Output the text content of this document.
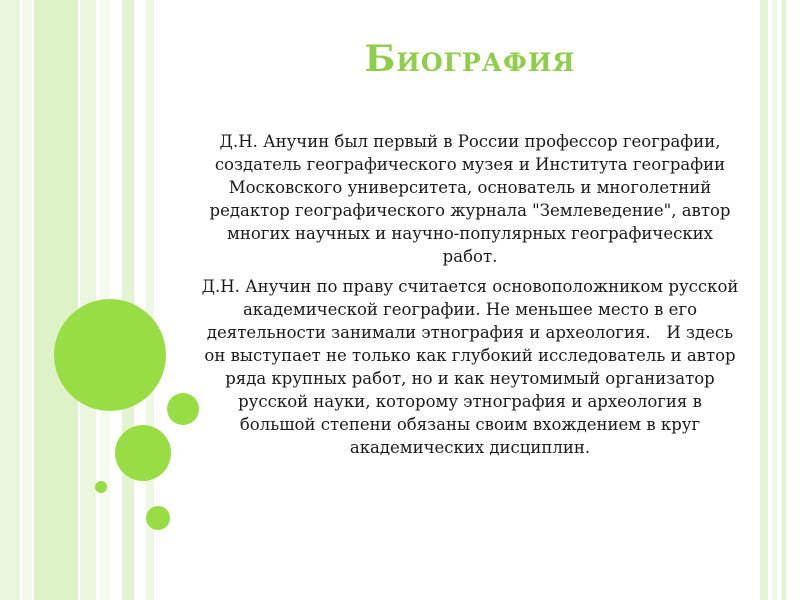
Биография

Д.Н. Анучин был первый в России профессор географии, создатель географического музея и Института географии Московского университета, основатель и многолетний редактор географического журнала "Землеведение", автор многих научных и научно-популярных географических работ.

Д.Н. Анучин по праву считается основоположником русской академической географии. Не меньшее место в его деятельности занимали этнография и археология.   И здесь он выступает не только как глубокий исследователь и автор ряда крупных работ, но и как неутомимый организатор русской науки, которому этнография и археология в большой степени обязаны своим вхождением в круг академических дисциплин.
